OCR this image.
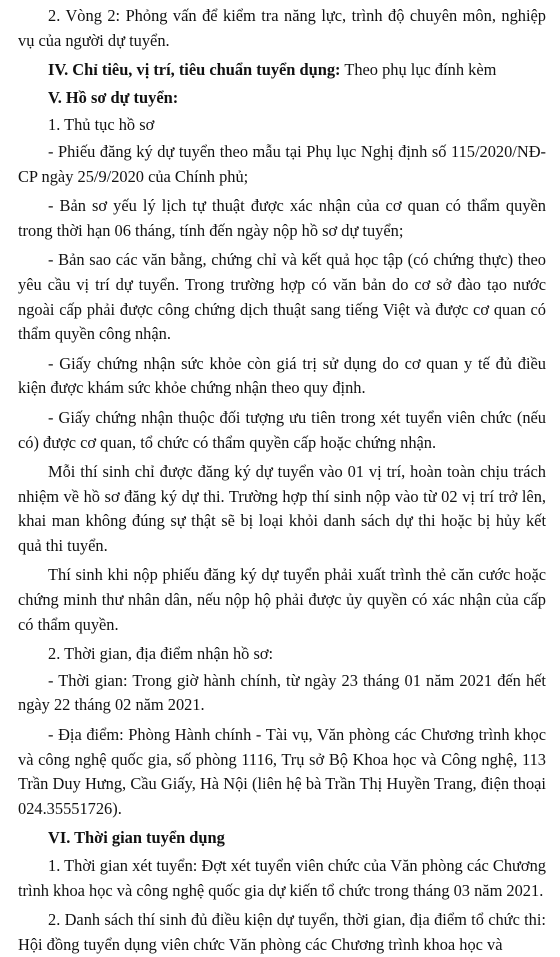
2. Vòng 2: Phỏng vấn để kiểm tra năng lực, trình độ chuyên môn, nghiệp vụ của người dự tuyển.

IV. Chỉ tiêu, vị trí, tiêu chuẩn tuyển dụng: Theo phụ lục đính kèm

V. Hồ sơ dự tuyển:

1. Thủ tục hồ sơ

- Phiếu đăng ký dự tuyển theo mẫu tại Phụ lục Nghị định số 115/2020/NĐ-CP ngày 25/9/2020 của Chính phủ;

- Bản sơ yếu lý lịch tự thuật được xác nhận của cơ quan có thẩm quyền trong thời hạn 06 tháng, tính đến ngày nộp hồ sơ dự tuyển;

- Bản sao các văn bằng, chứng chỉ và kết quả học tập (có chứng thực) theo yêu cầu vị trí dự tuyển. Trong trường hợp có văn bản do cơ sở đào tạo nước ngoài cấp phải được công chứng dịch thuật sang tiếng Việt và được cơ quan có thẩm quyền công nhận.

- Giấy chứng nhận sức khỏe còn giá trị sử dụng do cơ quan y tế đủ điều kiện được khám sức khỏe chứng nhận theo quy định.

- Giấy chứng nhận thuộc đối tượng ưu tiên trong xét tuyển viên chức (nếu có) được cơ quan, tổ chức có thẩm quyền cấp hoặc chứng nhận.

Mỗi thí sinh chỉ được đăng ký dự tuyển vào 01 vị trí, hoàn toàn chịu trách nhiệm về hồ sơ đăng ký dự thi. Trường hợp thí sinh nộp vào từ 02 vị trí trở lên, khai man không đúng sự thật sẽ bị loại khỏi danh sách dự thi hoặc bị hủy kết quả thi tuyển.

Thí sinh khi nộp phiếu đăng ký dự tuyển phải xuất trình thẻ căn cước hoặc chứng minh thư nhân dân, nếu nộp hộ phải được ủy quyền có xác nhận của cấp có thẩm quyền.

2. Thời gian, địa điểm nhận hồ sơ:

- Thời gian: Trong giờ hành chính, từ ngày 23 tháng 01 năm 2021 đến hết ngày 22 tháng 02 năm 2021.

- Địa điểm: Phòng Hành chính - Tài vụ, Văn phòng các Chương trình khọc và công nghệ quốc gia, số phòng 1116, Trụ sở Bộ Khoa học và Công nghệ, 113 Trần Duy Hưng, Cầu Giấy, Hà Nội (liên hệ bà Trần Thị Huyền Trang, điện thoại 024.35551726).

VI. Thời gian tuyển dụng

1. Thời gian xét tuyển: Đợt xét tuyển viên chức của Văn phòng các Chương trình khoa học và công nghệ quốc gia dự kiến tổ chức trong tháng 03 năm 2021.

2. Danh sách thí sinh đủ điều kiện dự tuyển, thời gian, địa điểm tổ chức thi: Hội đồng tuyển dụng viên chức Văn phòng các Chương trình khoa học và
